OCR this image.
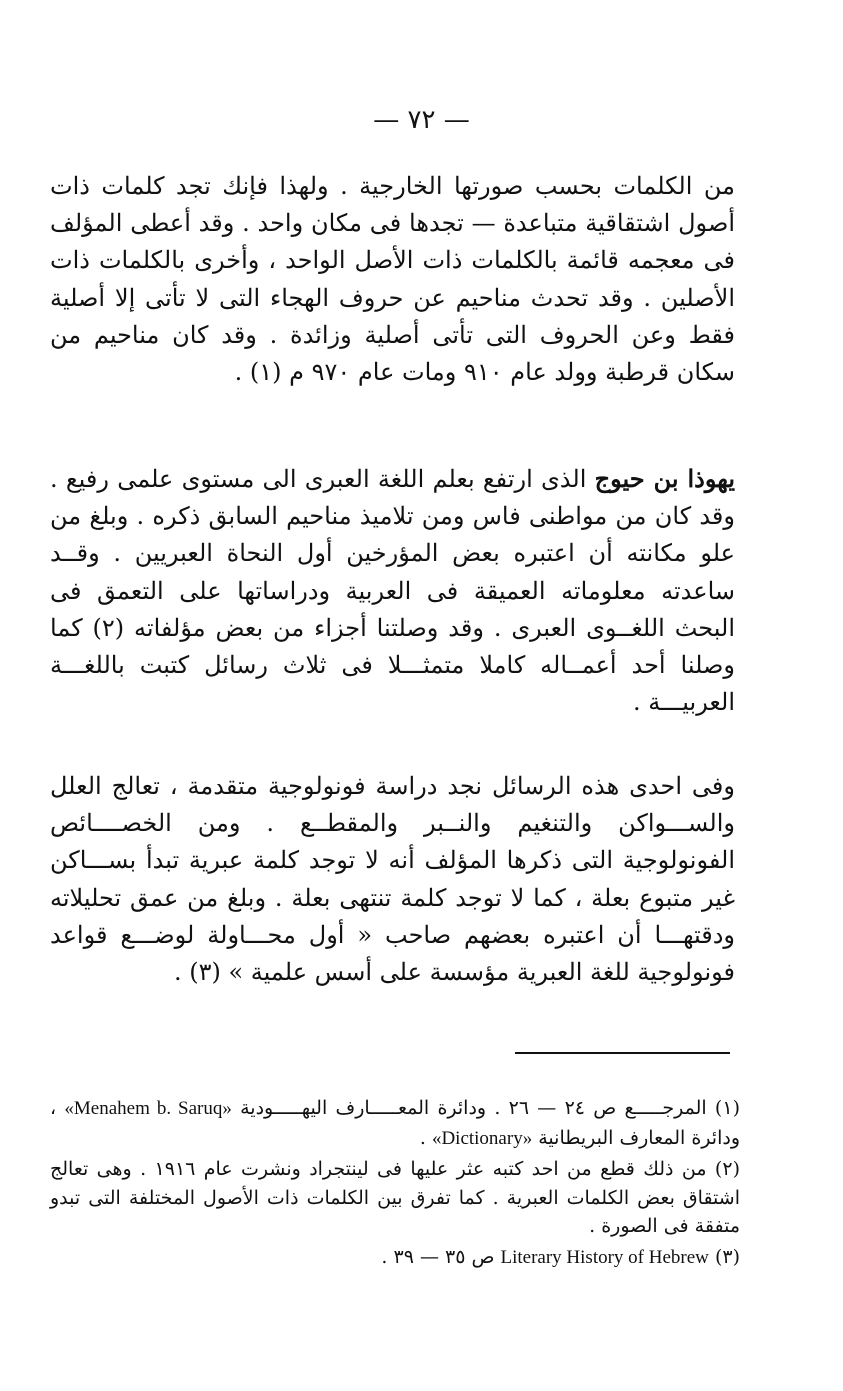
— ٧٢ —

من الكلمات بحسب صورتها الخارجية . ولهذا فإنك تجد كلمات ذات أصول اشتقاقية متباعدة — تجدها فى مكان واحد . وقد أعطى المؤلف فى معجمه قائمة بالكلمات ذات الأصل الواحد ، وأخرى بالكلمات ذات الأصلين . وقد تحدث مناحيم عن حروف الهجاء التى لا تأتى إلا أصلية فقط وعن الحروف التى تأتى أصلية وزائدة . وقد كان مناحيم من سكان قرطبة وولد عام ٩١٠ ومات عام ٩٧٠ م (١) .

يهوذا بن حيوج الذى ارتفع بعلم اللغة العبرى الى مستوى علمى رفيع . وقد كان من مواطنى فاس ومن تلاميذ مناحيم السابق ذكره . وبلغ من علو مكانته أن اعتبره بعض المؤرخين أول النحاة العبريين . وقــد ساعدته معلوماته العميقة فى العربية ودراساتها على التعمق فى البحث اللغــوى العبرى . وقد وصلتنا أجزاء من بعض مؤلفاته (٢) كما وصلنا أحد أعمــاله كاملا متمثـــلا فى ثلاث رسائل كتبت باللغـــة العربيـــة .

وفى احدى هذه الرسائل نجد دراسة فونولوجية متقدمة ، تعالج العلل والســـواكن والتنغيم والنــبر والمقطــع . ومن الخصــــائص الفونولوجية التى ذكرها المؤلف أنه لا توجد كلمة عبرية تبدأ بســـاكن غير متبوع بعلة ، كما لا توجد كلمة تنتهى بعلة . وبلغ من عمق تحليلاته ودقتهـــا أن اعتبره بعضهم صاحب « أول محـــاولة لوضـــع قواعد فونولوجية للغة العبرية مؤسسة على أسس علمية » (٣) .

(١) المرجـــــع ص ٢٤ — ٢٦ . ودائرة المعـــــارف اليهـــــودية «Menahem b. Saruq» ، ودائرة المعارف البريطانية «Dictionary» .

(٢) من ذلك قطع من احد كتبه عثر عليها فى لينتجراد ونشرت عام ١٩١٦ . وهى تعالج اشتقاق بعض الكلمات العبرية . كما تفرق بين الكلمات ذات الأصول المختلفة التى تبدو متفقة فى الصورة .

(٣) Literary History of Hebrew ص ٣٥ — ٣٩ .
